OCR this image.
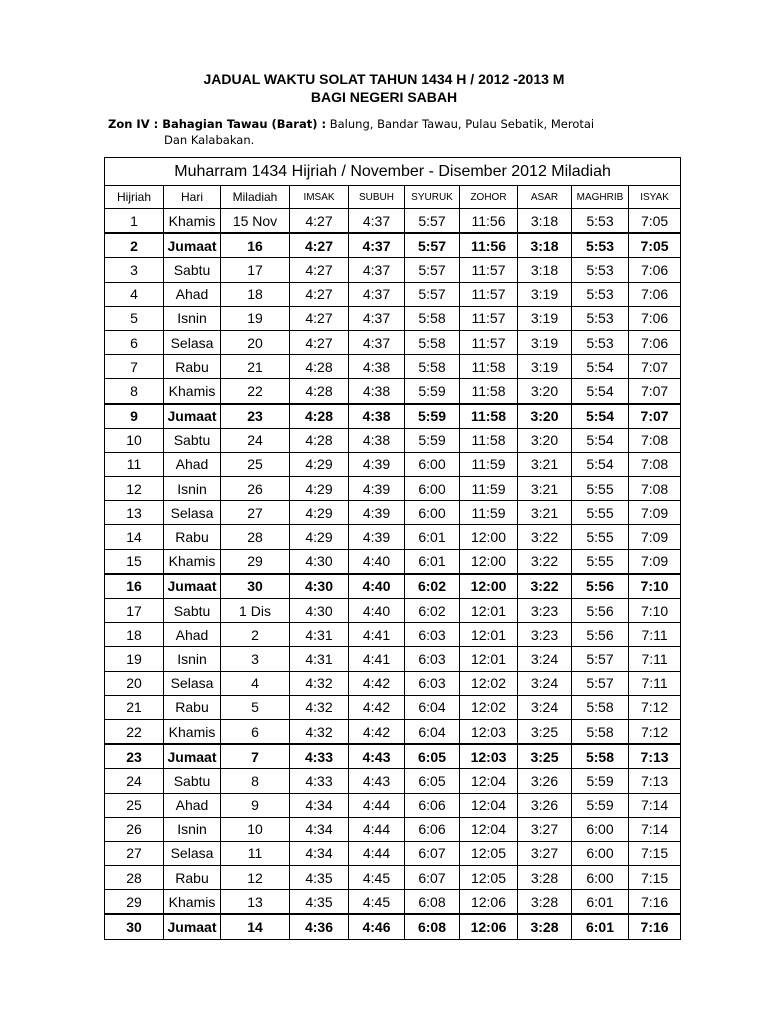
JADUAL WAKTU SOLAT TAHUN 1434 H / 2012 -2013 M
BAGI NEGERI SABAH
Zon IV : Bahagian Tawau (Barat) : Balung, Bandar Tawau, Pulau Sebatik, Merotai
Dan Kalabakan.
Muharram 1434 Hijriah / November - Disember 2012 Miladiah									
Hijriah	Hari	Miladiah	IMSAK	SUBUH	SYURUK	ZOHOR	ASAR	MAGHRIB	ISYAK
1	Khamis	15 Nov	4:27	4:37	5:57	11:56	3:18	5:53	7:05
2	Jumaat	16	4:27	4:37	5:57	11:56	3:18	5:53	7:05
3	Sabtu	17	4:27	4:37	5:57	11:57	3:18	5:53	7:06
4	Ahad	18	4:27	4:37	5:57	11:57	3:19	5:53	7:06
5	Isnin	19	4:27	4:37	5:58	11:57	3:19	5:53	7:06
6	Selasa	20	4:27	4:37	5:58	11:57	3:19	5:53	7:06
7	Rabu	21	4:28	4:38	5:58	11:58	3:19	5:54	7:07
8	Khamis	22	4:28	4:38	5:59	11:58	3:20	5:54	7:07
9	Jumaat	23	4:28	4:38	5:59	11:58	3:20	5:54	7:07
10	Sabtu	24	4:28	4:38	5:59	11:58	3:20	5:54	7:08
11	Ahad	25	4:29	4:39	6:00	11:59	3:21	5:54	7:08
12	Isnin	26	4:29	4:39	6:00	11:59	3:21	5:55	7:08
13	Selasa	27	4:29	4:39	6:00	11:59	3:21	5:55	7:09
14	Rabu	28	4:29	4:39	6:01	12:00	3:22	5:55	7:09
15	Khamis	29	4:30	4:40	6:01	12:00	3:22	5:55	7:09
16	Jumaat	30	4:30	4:40	6:02	12:00	3:22	5:56	7:10
17	Sabtu	1 Dis	4:30	4:40	6:02	12:01	3:23	5:56	7:10
18	Ahad	2	4:31	4:41	6:03	12:01	3:23	5:56	7:11
19	Isnin	3	4:31	4:41	6:03	12:01	3:24	5:57	7:11
20	Selasa	4	4:32	4:42	6:03	12:02	3:24	5:57	7:11
21	Rabu	5	4:32	4:42	6:04	12:02	3:24	5:58	7:12
22	Khamis	6	4:32	4:42	6:04	12:03	3:25	5:58	7:12
23	Jumaat	7	4:33	4:43	6:05	12:03	3:25	5:58	7:13
24	Sabtu	8	4:33	4:43	6:05	12:04	3:26	5:59	7:13
25	Ahad	9	4:34	4:44	6:06	12:04	3:26	5:59	7:14
26	Isnin	10	4:34	4:44	6:06	12:04	3:27	6:00	7:14
27	Selasa	11	4:34	4:44	6:07	12:05	3:27	6:00	7:15
28	Rabu	12	4:35	4:45	6:07	12:05	3:28	6:00	7:15
29	Khamis	13	4:35	4:45	6:08	12:06	3:28	6:01	7:16
30	Jumaat	14	4:36	4:46	6:08	12:06	3:28	6:01	7:16
